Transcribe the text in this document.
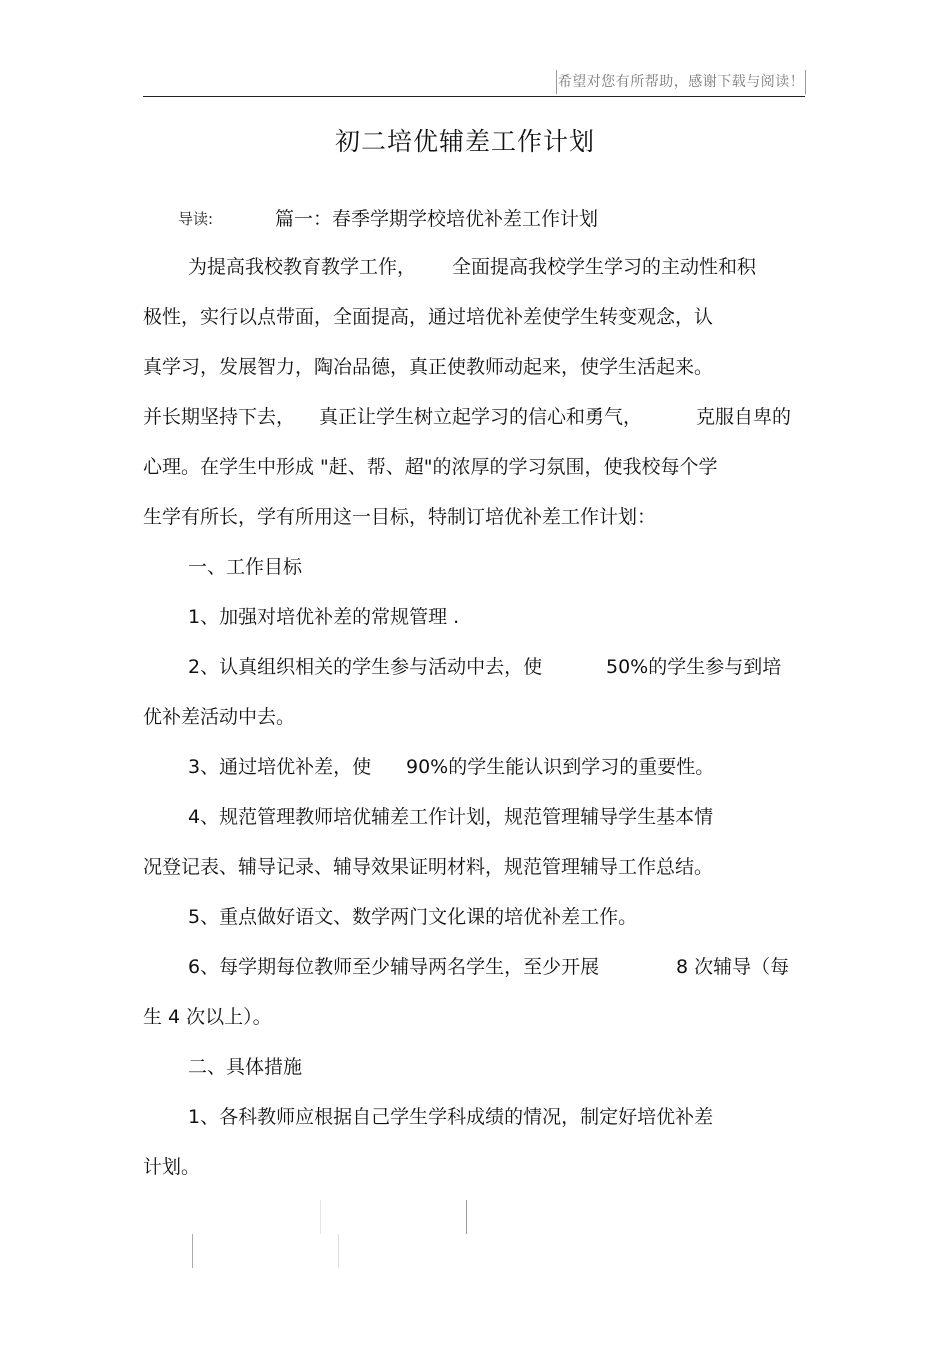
希望对您有所帮助，感谢下载与阅读！
初二培优辅差工作计划
导读:	篇一：春季学期学校培优补差工作计划
为提高我校教育教学工作， 全面提高我校学生学习的主动性和积
极性，实行以点带面，全面提高，通过培优补差使学生转变观念，认
真学习，发展智力，陶冶品德，真正使教师动起来，使学生活起来。
并长期坚持下去， 真正让学生树立起学习的信心和勇气，	克服自卑的
心理。在学生中形成 "赶、帮、超"的浓厚的学习氛围，使我校每个学
生学有所长，学有所用这一目标，特制订培优补差工作计划：
一、工作目标
1、加强对培优补差的常规管理 .
2、认真组织相关的学生参与活动中去，使	50%的学生参与到培
优补差活动中去。
3、通过培优补差，使 90%的学生能认识到学习的重要性。
4、规范管理教师培优辅差工作计划，规范管理辅导学生基本情
况登记表、辅导记录、辅导效果证明材料，规范管理辅导工作总结。
5、重点做好语文、数学两门文化课的培优补差工作。
6、每学期每位教师至少辅导两名学生，至少开展	8 次辅导（每
生 4 次以上）。
二、具体措施
1、各科教师应根据自己学生学科成绩的情况，制定好培优补差
计划。
